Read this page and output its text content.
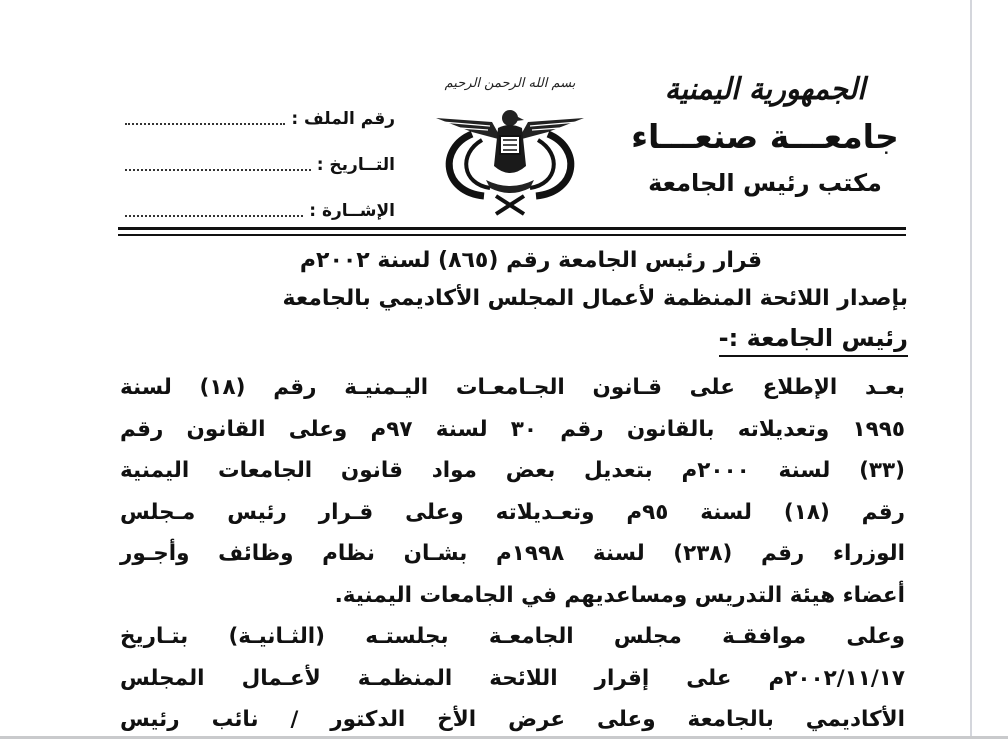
الجمهورية اليمنية
جامعـــة صنعـــاء
مكتب رئيس الجامعة
بسم الله الرحمن الرحيم
رقم الملف :
التــاريخ :
الإشــارة :
قرار رئيس الجامعة رقم (٨٦٥) لسنة ٢٠٠٢م
بإصدار اللائحة المنظمة لأعمال المجلس الأكاديمي بالجامعة
رئيس الجامعة :-
بعـد الإطلاع على قـانون الجـامعـات اليـمنيـة رقم (١٨) لسنة
١٩٩٥ وتعديلاته بالقانون رقم ٣٠ لسنة ٩٧م وعلى القانون رقم
(٣٣) لسنة ٢٠٠٠م بتعديل بعض مواد قانون الجامعات اليمنية
رقم (١٨) لسنة ٩٥م وتعـديلاته وعلى قـرار رئيس مـجلس
الوزراء رقم (٢٣٨) لسنة ١٩٩٨م بشـان نظام وظائف وأجـور
أعضاء هيئة التدريس ومساعديهم في الجامعات اليمنية.
وعلى موافقـة مجلس الجامعـة بجلستـه (الثـانيـة) بتـاريخ
٢٠٠٢/١١/١٧م على إقرار اللائحة المنظمـة لأعـمال المجلس
الأكاديمي بالجامعة وعلى عرض الأخ الدكتور / نائب رئيس
